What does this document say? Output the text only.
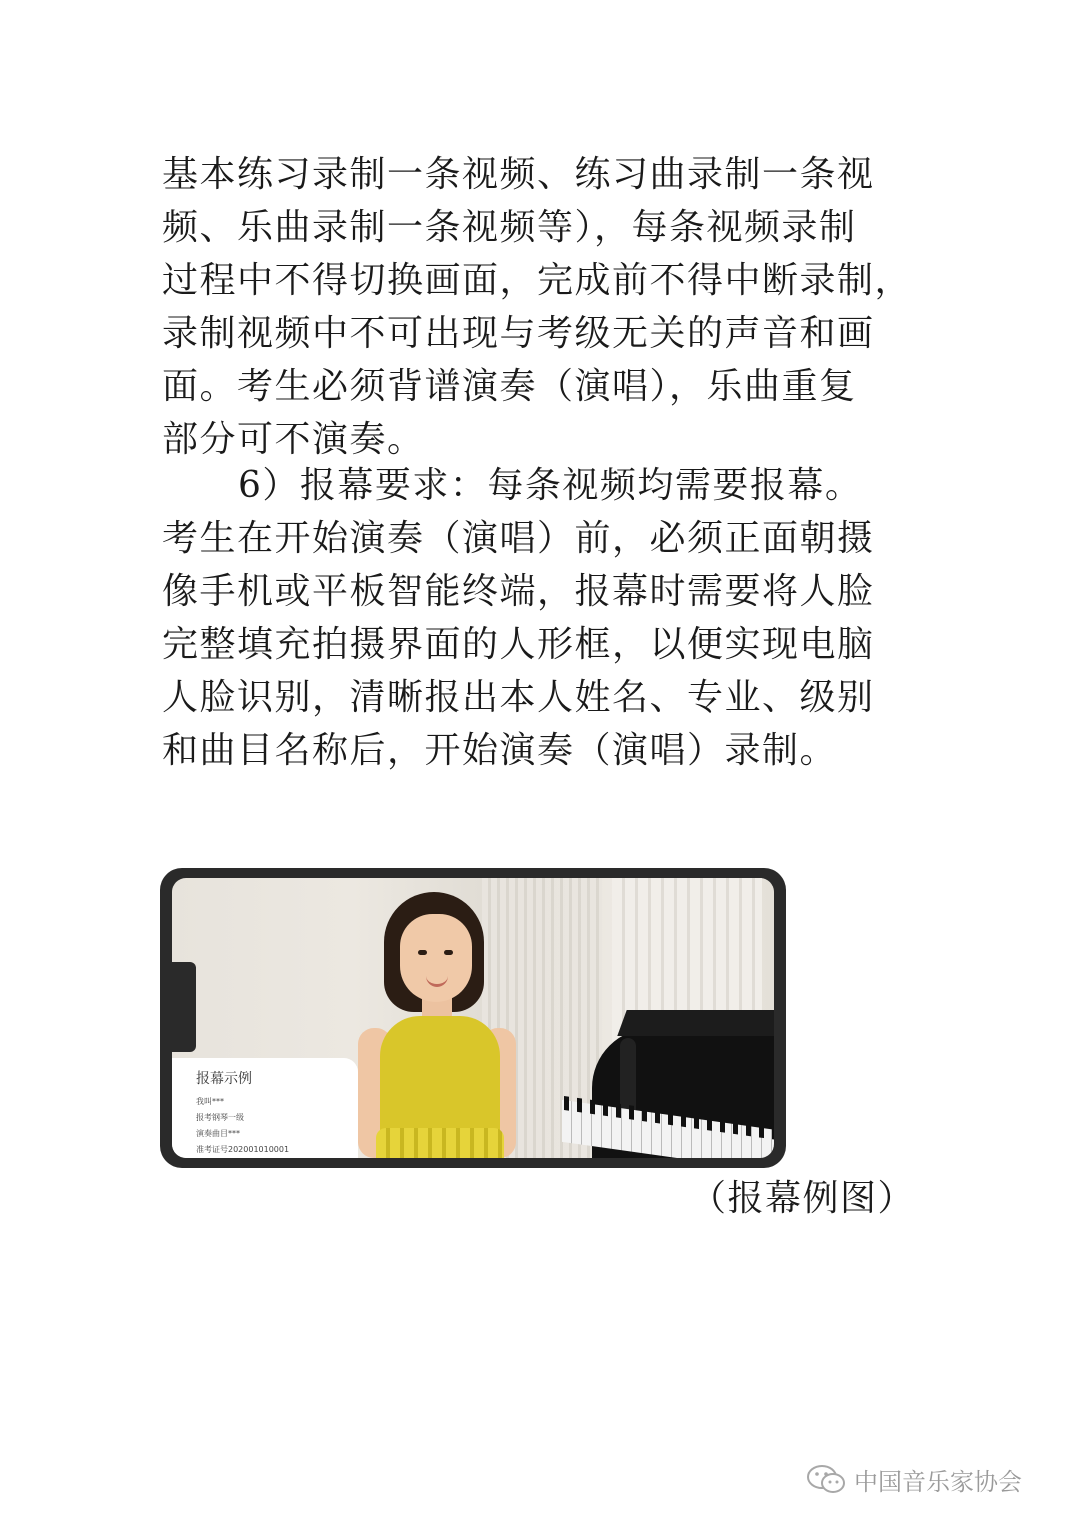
基本练习录制一条视频、练习曲录制一条视
频、乐曲录制一条视频等），每条视频录制
过程中不得切换画面，完成前不得中断录制，
录制视频中不可出现与考级无关的声音和画
面。考生必须背谱演奏（演唱），乐曲重复
部分可不演奏。
6）报幕要求：每条视频均需要报幕。
考生在开始演奏（演唱）前，必须正面朝摄
像手机或平板智能终端，报幕时需要将人脸
完整填充拍摄界面的人形框，以便实现电脑
人脸识别，清晰报出本人姓名、专业、级别
和曲目名称后，开始演奏（演唱）录制。
报幕示例
我叫***
报考钢琴一级
演奏曲目***
准考证号202001010001

（报幕例图）

中国音乐家协会
